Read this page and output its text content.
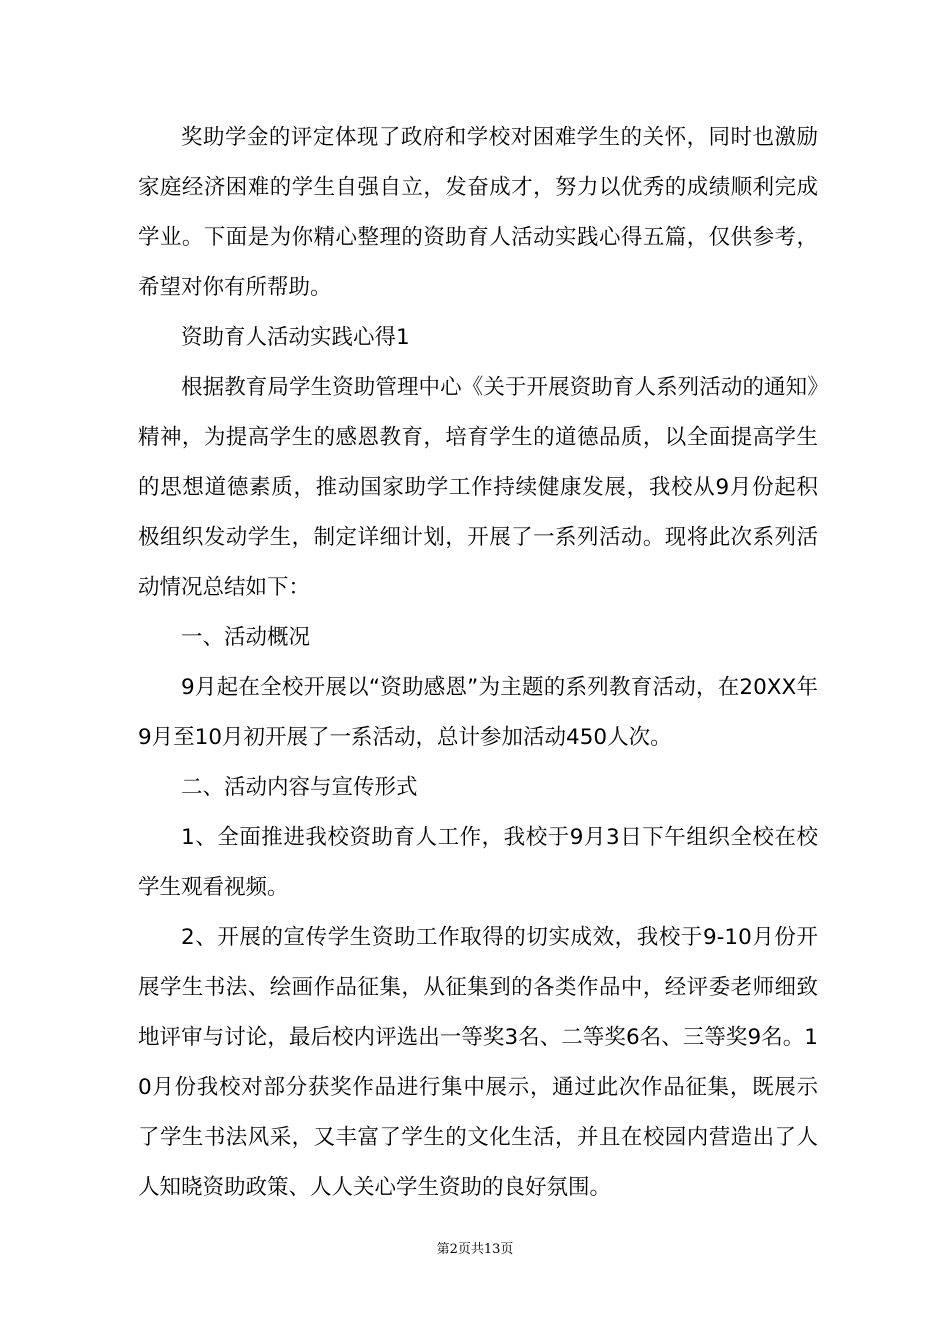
奖助学金的评定体现了政府和学校对困难学生的关怀，同时也激励家庭经济困难的学生自强自立，发奋成才，努力以优秀的成绩顺利完成学业。下面是为你精心整理的资助育人活动实践心得五篇，仅供参考，希望对你有所帮助。

资助育人活动实践心得1

根据教育局学生资助管理中心《关于开展资助育人系列活动的通知》精神，为提高学生的感恩教育，培育学生的道德品质，以全面提高学生的思想道德素质，推动国家助学工作持续健康发展，我校从9月份起积极组织发动学生，制定详细计划，开展了一系列活动。现将此次系列活动情况总结如下：

一、活动概况

9月起在全校开展以“资助感恩”为主题的系列教育活动，在20XX年9月至10月初开展了一系活动，总计参加活动450人次。

二、活动内容与宣传形式

1、全面推进我校资助育人工作，我校于9月3日下午组织全校在校学生观看视频。

2、开展的宣传学生资助工作取得的切实成效，我校于9-10月份开展学生书法、绘画作品征集，从征集到的各类作品中，经评委老师细致地评审与讨论，最后校内评选出一等奖3名、二等奖6名、三等奖9名。10月份我校对部分获奖作品进行集中展示，通过此次作品征集，既展示了学生书法风采，又丰富了学生的文化生活，并且在校园内营造出了人人知晓资助政策、人人关心学生资助的良好氛围。

第2页共13页
